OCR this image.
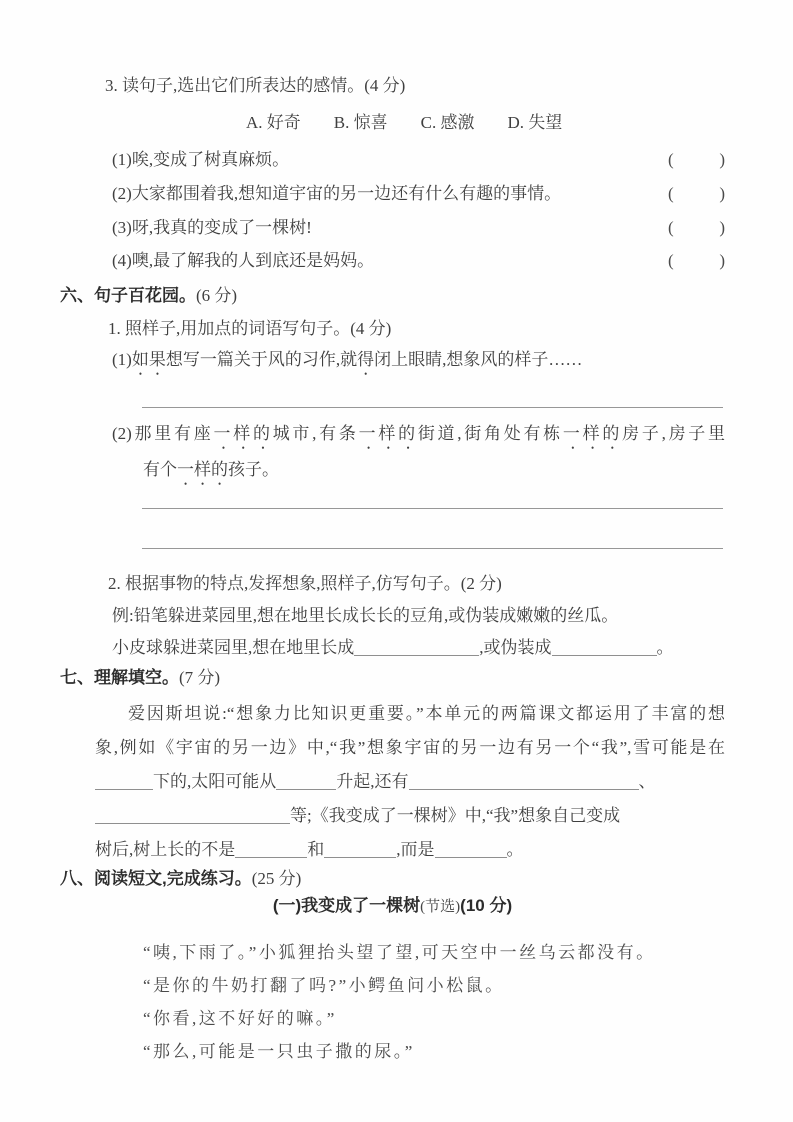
3. 读句子,选出它们所表达的感情。(4 分)
A. 好奇 B. 惊喜 C. 感激 D. 失望
(1)唉,变成了树真麻烦。	(	)
(2)大家都围着我,想知道宇宙的另一边还有什么有趣的事情。	(	)
(3)呀,我真的变成了一棵树!	(	)
(4)噢,最了解我的人到底还是妈妈。	(	)
六、句子百花园。(6 分)
1. 照样子,用加点的词语写句子。(4 分)
(1)如果想写一篇关于风的习作,就得闭上眼睛,想象风的样子……
(2)那里有座一样的城市,有条一样的街道,街角处有栋一样的房子,房子里
有个一样的孩子。
2. 根据事物的特点,发挥想象,照样子,仿写句子。(2 分)
例:铅笔躲进菜园里,想在地里长成长长的豆角,或伪装成嫩嫩的丝瓜。
小皮球躲进菜园里,想在地里长成	,或伪装成	。
七、理解填空。(7 分)
爱因斯坦说:“想象力比知识更重要。”本单元的两篇课文都运用了丰富的想
象,例如《宇宙的另一边》中,“我”想象宇宙的另一边有另一个“我”,雪可能是在
下的,太阳可能从	升起,还有	、
等;《我变成了一棵树》中,“我”想象自己变成
树后,树上长的不是	和	,而是	。
八、阅读短文,完成练习。(25 分)
(一)我变成了一棵树(节选)(10 分)

“咦,下雨了。”小狐狸抬头望了望,可天空中一丝乌云都没有。

“是你的牛奶打翻了吗?”小鳄鱼问小松鼠。

“你看,这不好好的嘛。”

“那么,可能是一只虫子撒的尿。”
